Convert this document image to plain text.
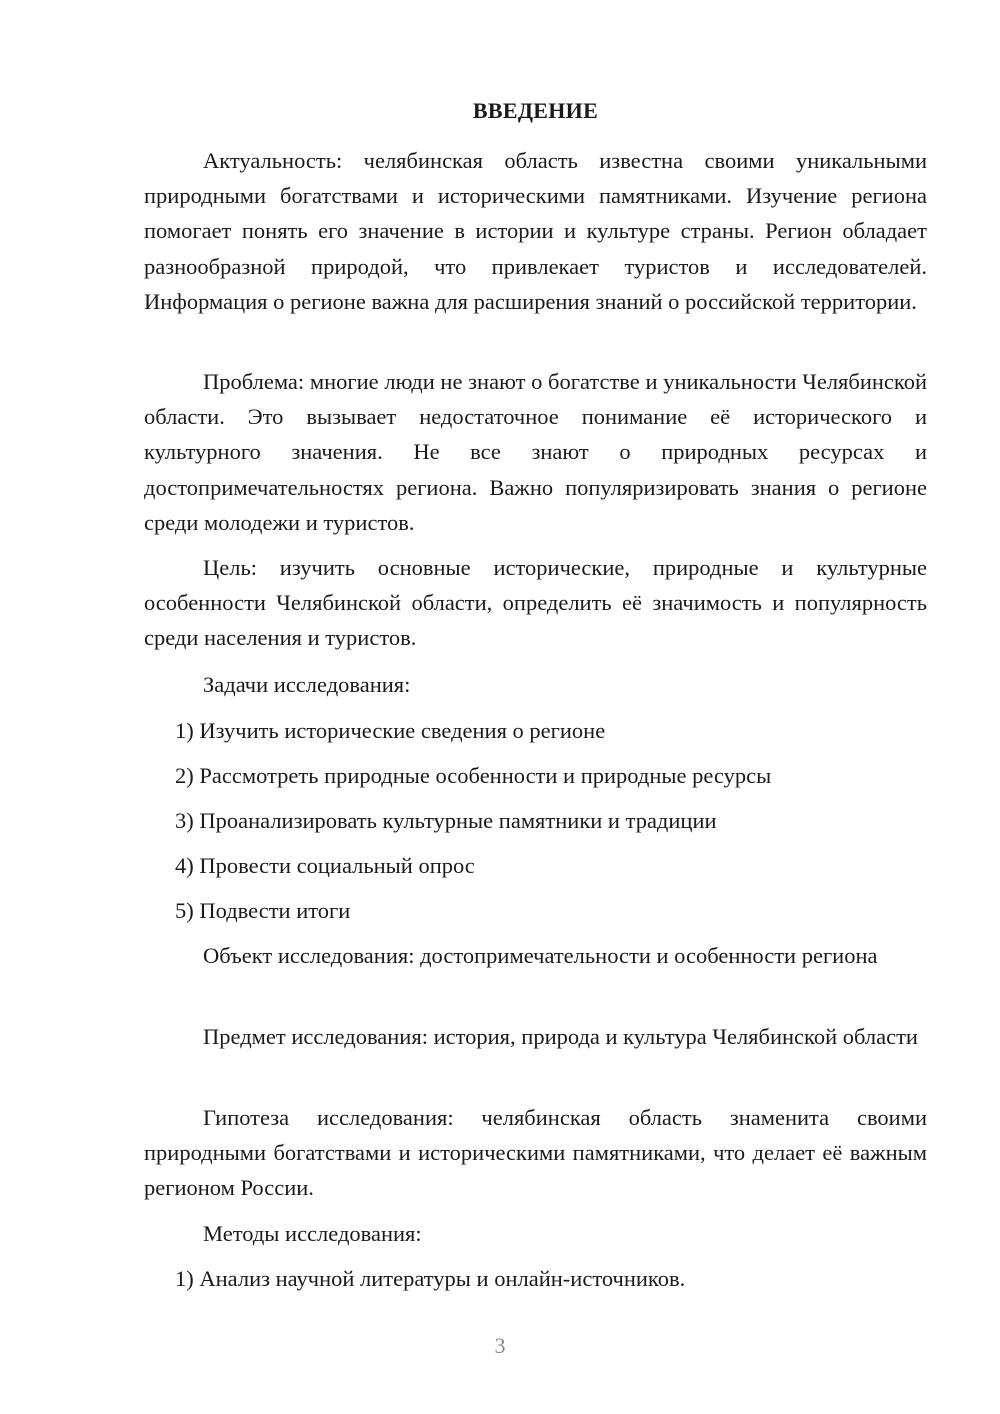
ВВЕДЕНИЕ

Актуальность: челябинская область известна своими уникальными природными богатствами и историческими памятниками. Изучение региона помогает понять его значение в истории и культуре страны. Регион обладает разнообразной природой, что привлекает туристов и исследователей. Информация о регионе важна для расширения знаний о российской территории.

Проблема: многие люди не знают о богатстве и уникальности Челябинской области. Это вызывает недостаточное понимание её исторического и культурного значения. Не все знают о природных ресурсах и достопримечательностях региона. Важно популяризировать знания о регионе среди молодежи и туристов.

Цель: изучить основные исторические, природные и культурные особенности Челябинской области, определить её значимость и популярность среди населения и туристов.

Задачи исследования:

1) Изучить исторические сведения о регионе

2) Рассмотреть природные особенности и природные ресурсы

3) Проанализировать культурные памятники и традиции

4) Провести социальный опрос

5) Подвести итоги

Объект исследования: достопримечательности и особенности региона

Предмет исследования: история, природа и культура Челябинской области

Гипотеза исследования: челябинская область знаменита своими природными богатствами и историческими памятниками, что делает её важным регионом России.

Методы исследования:

1) Анализ научной литературы и онлайн-источников.

3
